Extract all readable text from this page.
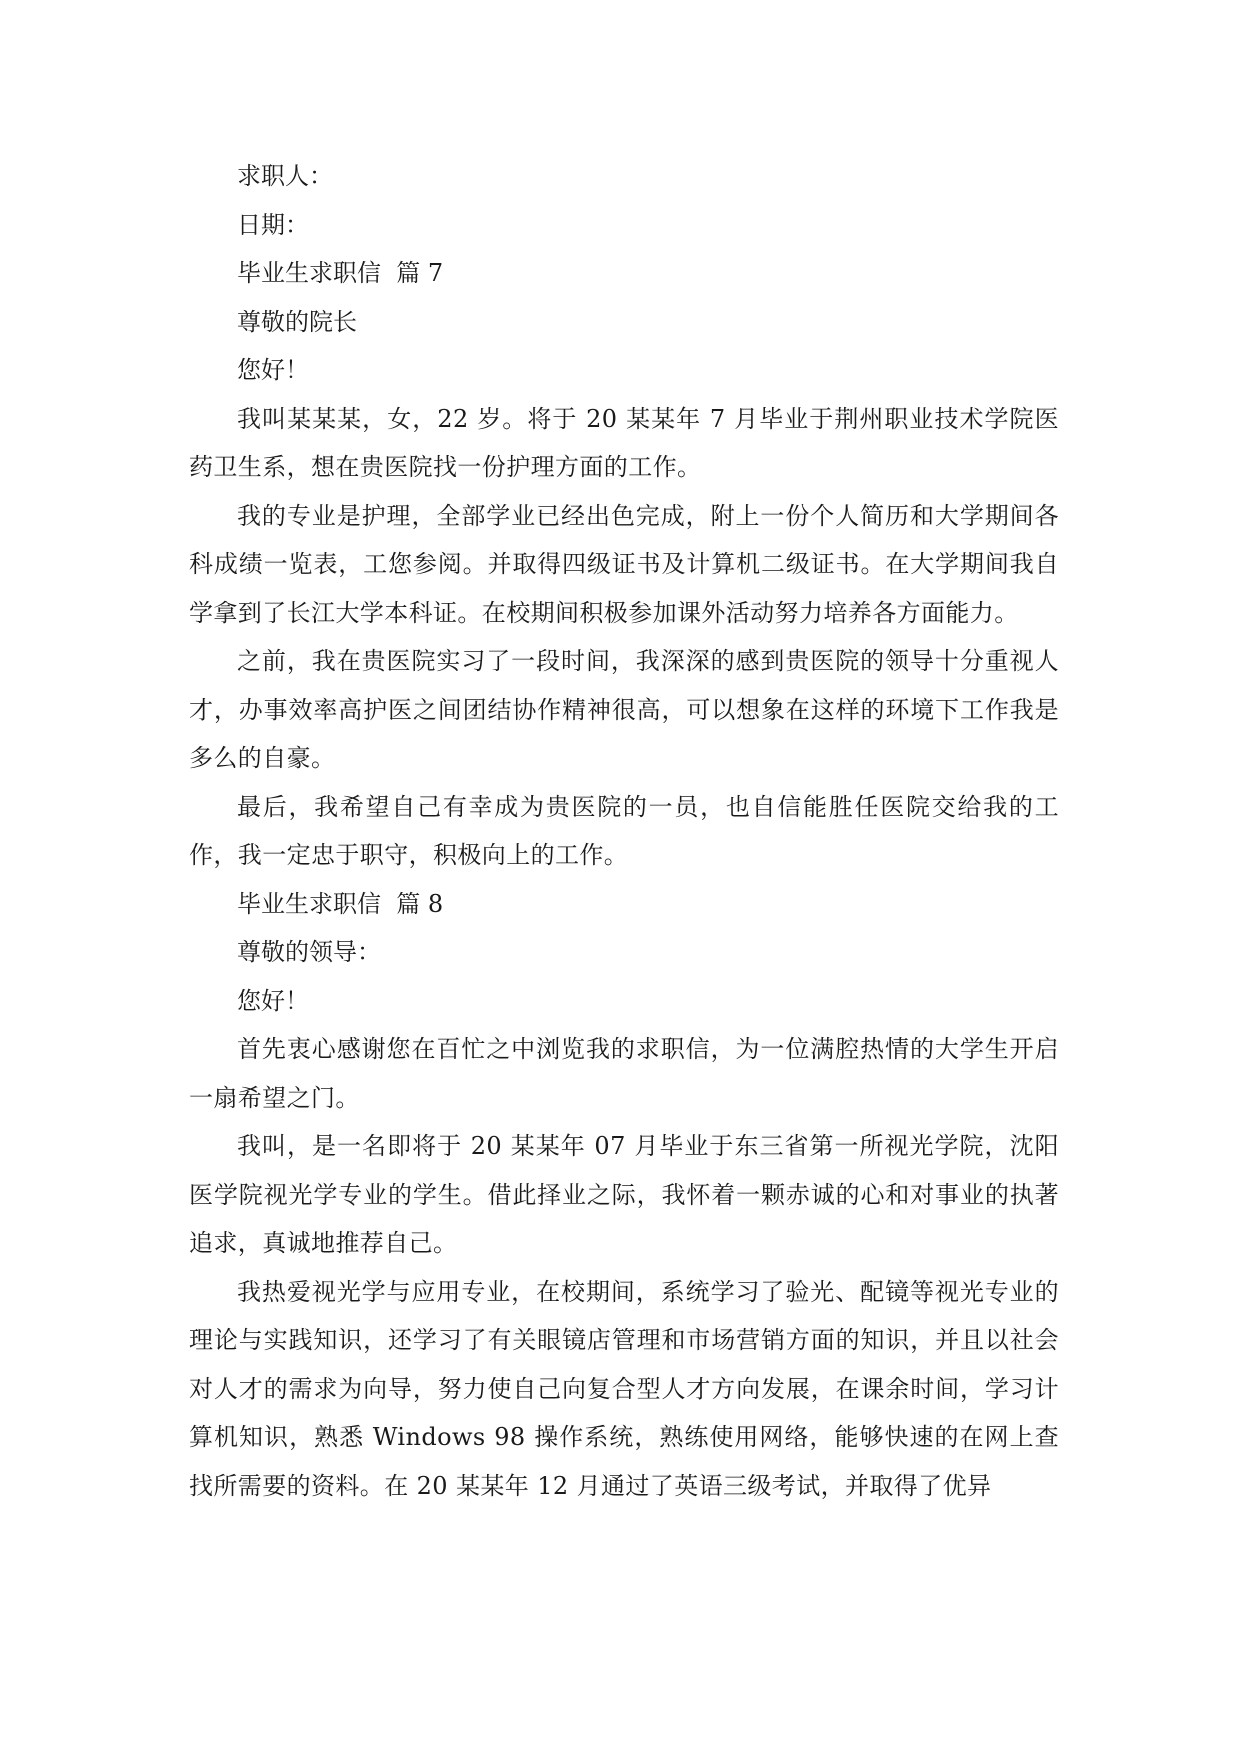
求职人：

日期：

毕业生求职信  篇 7

尊敬的院长

您好！

我叫某某某，女，22 岁。将于 20 某某年 7 月毕业于荆州职业技术学院医药卫生系，想在贵医院找一份护理方面的工作。

我的专业是护理，全部学业已经出色完成，附上一份个人简历和大学期间各科成绩一览表，工您参阅。并取得四级证书及计算机二级证书。在大学期间我自学拿到了长江大学本科证。在校期间积极参加课外活动努力培养各方面能力。

之前，我在贵医院实习了一段时间，我深深的感到贵医院的领导十分重视人才，办事效率高护医之间团结协作精神很高，可以想象在这样的环境下工作我是多么的自豪。

最后，我希望自己有幸成为贵医院的一员，也自信能胜任医院交给我的工作，我一定忠于职守，积极向上的工作。

毕业生求职信  篇 8

尊敬的领导：

您好！

首先衷心感谢您在百忙之中浏览我的求职信，为一位满腔热情的大学生开启一扇希望之门。

我叫，是一名即将于 20 某某年 07 月毕业于东三省第一所视光学院，沈阳医学院视光学专业的学生。借此择业之际，我怀着一颗赤诚的心和对事业的执著追求，真诚地推荐自己。

我热爱视光学与应用专业，在校期间，系统学习了验光、配镜等视光专业的理论与实践知识，还学习了有关眼镜店管理和市场营销方面的知识，并且以社会对人才的需求为向导，努力使自己向复合型人才方向发展，在课余时间，学习计算机知识，熟悉 Windows 98 操作系统，熟练使用网络，能够快速的在网上查找所需要的资料。在 20 某某年 12 月通过了英语三级考试，并取得了优异
